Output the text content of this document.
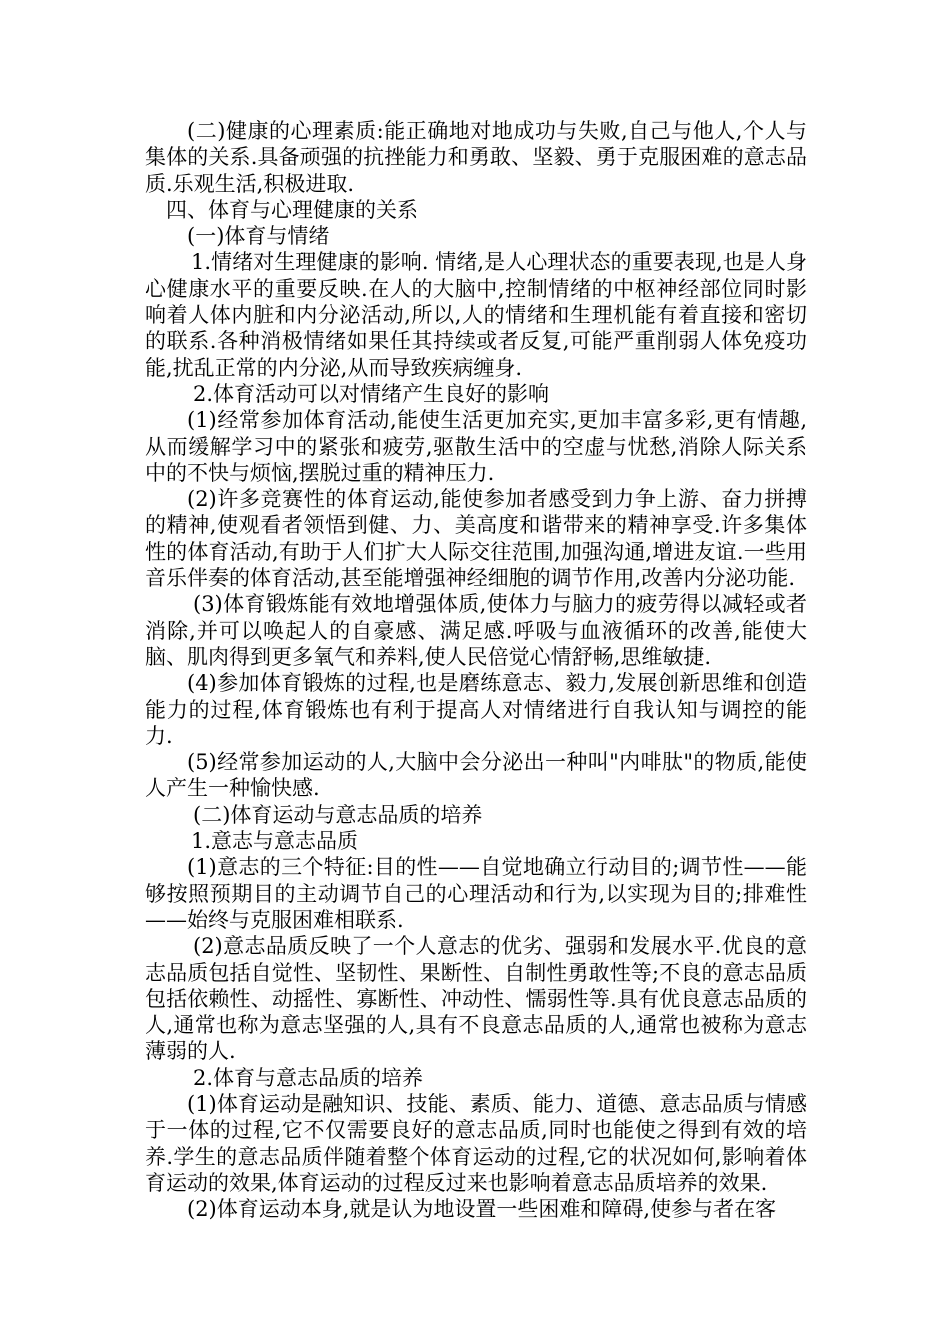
(二)健康的心理素质:能正确地对地成功与失败,自己与他人,个人与集体的关系.具备顽强的抗挫能力和勇敢、坚毅、勇于克服困难的意志品质.乐观生活,积极进取.

四、体育与心理健康的关系

(一)体育与情绪

1.情绪对生理健康的影响. 情绪,是人心理状态的重要表现,也是人身心健康水平的重要反映.在人的大脑中,控制情绪的中枢神经部位同时影响着人体内脏和内分泌活动,所以,人的情绪和生理机能有着直接和密切的联系.各种消极情绪如果任其持续或者反复,可能严重削弱人体免疫功能,扰乱正常的内分泌,从而导致疾病缠身.

2.体育活动可以对情绪产生良好的影响

(1)经常参加体育活动,能使生活更加充实,更加丰富多彩,更有情趣,从而缓解学习中的紧张和疲劳,驱散生活中的空虚与忧愁,消除人际关系中的不快与烦恼,摆脱过重的精神压力.

(2)许多竞赛性的体育运动,能使参加者感受到力争上游、奋力拼搏的精神,使观看者领悟到健、力、美高度和谐带来的精神享受.许多集体性的体育活动,有助于人们扩大人际交往范围,加强沟通,增进友谊.一些用音乐伴奏的体育活动,甚至能增强神经细胞的调节作用,改善内分泌功能.

(3)体育锻炼能有效地增强体质,使体力与脑力的疲劳得以减轻或者消除,并可以唤起人的自豪感、满足感.呼吸与血液循环的改善,能使大脑、肌肉得到更多氧气和养料,使人民倍觉心情舒畅,思维敏捷.

(4)参加体育锻炼的过程,也是磨练意志、毅力,发展创新思维和创造能力的过程,体育锻炼也有利于提高人对情绪进行自我认知与调控的能力.

(5)经常参加运动的人,大脑中会分泌出一种叫"内啡肽"的物质,能使人产生一种愉快感.

(二)体育运动与意志品质的培养

1.意志与意志品质

(1)意志的三个特征:目的性——自觉地确立行动目的;调节性——能够按照预期目的主动调节自己的心理活动和行为,以实现为目的;排难性——始终与克服困难相联系.

(2)意志品质反映了一个人意志的优劣、强弱和发展水平.优良的意志品质包括自觉性、坚韧性、果断性、自制性勇敢性等;不良的意志品质包括依赖性、动摇性、寡断性、冲动性、懦弱性等.具有优良意志品质的人,通常也称为意志坚强的人,具有不良意志品质的人,通常也被称为意志薄弱的人.

2.体育与意志品质的培养

(1)体育运动是融知识、技能、素质、能力、道德、意志品质与情感于一体的过程,它不仅需要良好的意志品质,同时也能使之得到有效的培养.学生的意志品质伴随着整个体育运动的过程,它的状况如何,影响着体育运动的效果,体育运动的过程反过来也影响着意志品质培养的效果.

(2)体育运动本身,就是认为地设置一些困难和障碍,使参与者在客
